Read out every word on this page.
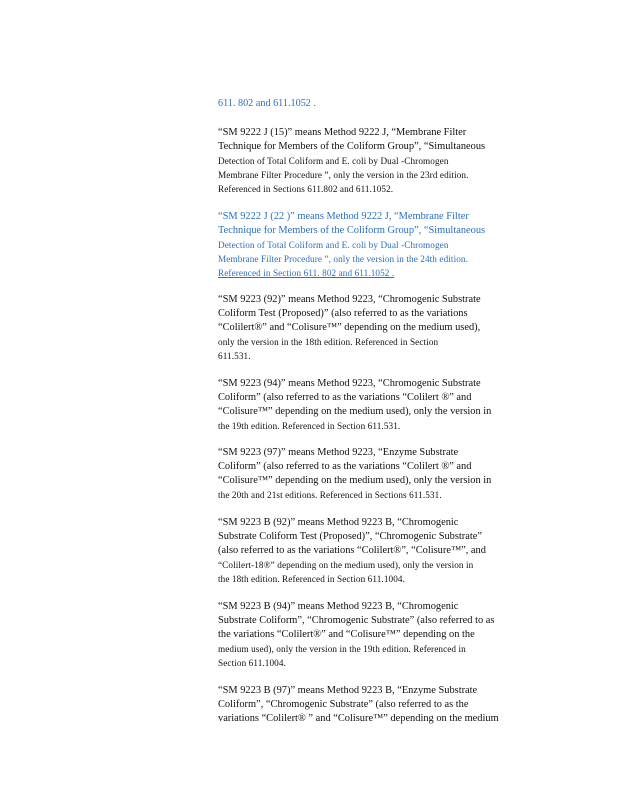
611. 802 and 611.1052 .
“SM 9222 J (15)” means Method 9222 J, “Membrane Filter
Technique for Members of the Coliform Group”, “Simultaneous
Detection of Total Coliform and E. coli by Dual -Chromogen
Membrane Filter Procedure ”, only the version in the 23rd edition.
Referenced in Sections 611.802 and 611.1052.
“SM 9222 J (22 )” means Method 9222 J, “Membrane Filter
Technique for Members of the Coliform Group”, “Simultaneous
Detection of Total Coliform and E. coli by Dual -Chromogen
Membrane Filter Procedure ”, only the version in the 24th edition.
Referenced in Section 611. 802 and 611.1052 .
“SM 9223 (92)” means Method 9223, “Chromogenic Substrate
Coliform Test (Proposed)” (also referred to as the variations
“Colilert®” and “Colisure™” depending on the medium used),
only the version in the 18th edition. Referenced in Section
611.531.
“SM 9223 (94)” means Method 9223, “Chromogenic Substrate
Coliform” (also referred to as the variations “Colilert ®” and
“Colisure™” depending on the medium used), only the version in
the 19th edition. Referenced in Section 611.531.
“SM 9223 (97)” means Method 9223, “Enzyme Substrate
Coliform” (also referred to as the variations “Colilert ®” and
“Colisure™” depending on the medium used), only the version in
the 20th and 21st editions. Referenced in Sections 611.531.
“SM 9223 B (92)” means Method 9223 B, “Chromogenic
Substrate Coliform Test (Proposed)”, “Chromogenic Substrate”
(also referred to as the variations “Colilert®”, “Colisure™”, and
“Colilert-18®” depending on the medium used), only the version in
the 18th edition. Referenced in Section 611.1004.
“SM 9223 B (94)” means Method 9223 B, “Chromogenic
Substrate Coliform”, “Chromogenic Substrate” (also referred to as
the variations “Colilert®” and “Colisure™” depending on the
medium used), only the version in the 19th edition. Referenced in
Section 611.1004.
“SM 9223 B (97)” means Method 9223 B, “Enzyme Substrate
Coliform”, “Chromogenic Substrate” (also referred to as the
variations “Colilert® ” and “Colisure™” depending on the medium
